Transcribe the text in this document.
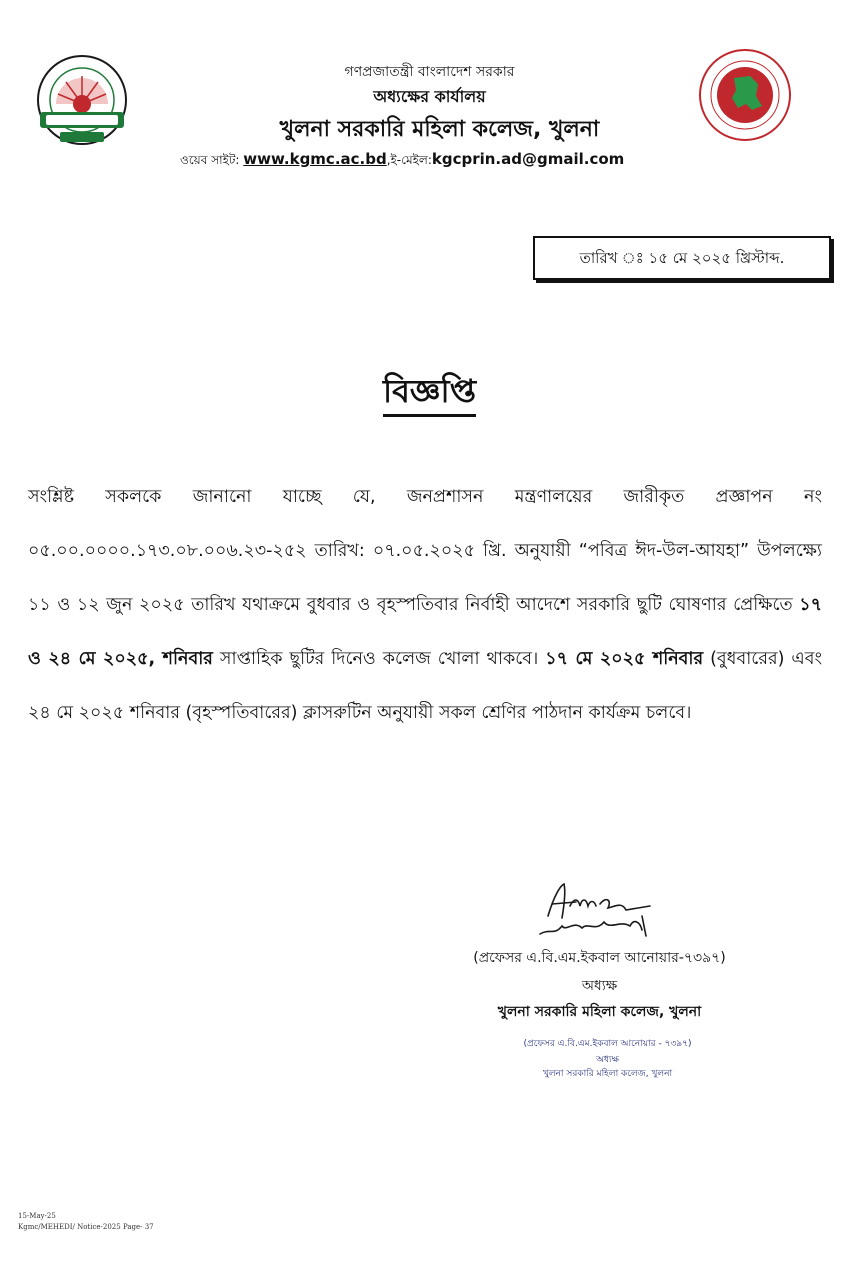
গণপ্রজাতন্ত্রী বাংলাদেশ সরকার
অধ্যক্ষের কার্যালয়
খুলনা সরকারি মহিলা কলেজ, খুলনা
ওয়েব সাইট: www.kgmc.ac.bd,ই-মেইল:kgcprin.ad@gmail.com
তারিখ ঃ ১৫ মে ২০২৫ খ্রিস্টাব্দ.
বিজ্ঞপ্তি
সংশ্লিষ্ট সকলকে জানানো যাচ্ছে যে, জনপ্রশাসন মন্ত্রণালয়ের জারীকৃত প্রজ্ঞাপন নং ০৫.০০.০০০০.১৭৩.০৮.০০৬.২৩-২৫২ তারিখ: ০৭.০৫.২০২৫ খ্রি. অনুযায়ী “পবিত্র ঈদ-উল-আযহা” উপলক্ষ্যে ১১ ও ১২ জুন ২০২৫ তারিখ যথাক্রমে বুধবার ও বৃহস্পতিবার নির্বাহী আদেশে সরকারি ছুটি ঘোষণার প্রেক্ষিতে ১৭ ও ২৪ মে ২০২৫, শনিবার সাপ্তাহিক ছুটির দিনেও কলেজ খোলা থাকবে। ১৭ মে ২০২৫ শনিবার (বুধবারের) এবং ২৪ মে ২০২৫ শনিবার (বৃহস্পতিবারের) ক্লাসরুটিন অনুযায়ী সকল শ্রেণির পাঠদান কার্যক্রম চলবে।
(প্রফেসর এ.বি.এম.ইকবাল আনোয়ার-৭৩৯৭)
অধ্যক্ষ
খুলনা সরকারি মহিলা কলেজ, খুলনা
(প্রফেসর এ.বি.এম.ইকবাল আনোয়ার - ৭৩৯৭)
অধ্যক্ষ
খুলনা সরকারি মহিলা কলেজ, খুলনা
15-May-25
Kgmc/MEHEDI/ Notice-2025 Page- 37
